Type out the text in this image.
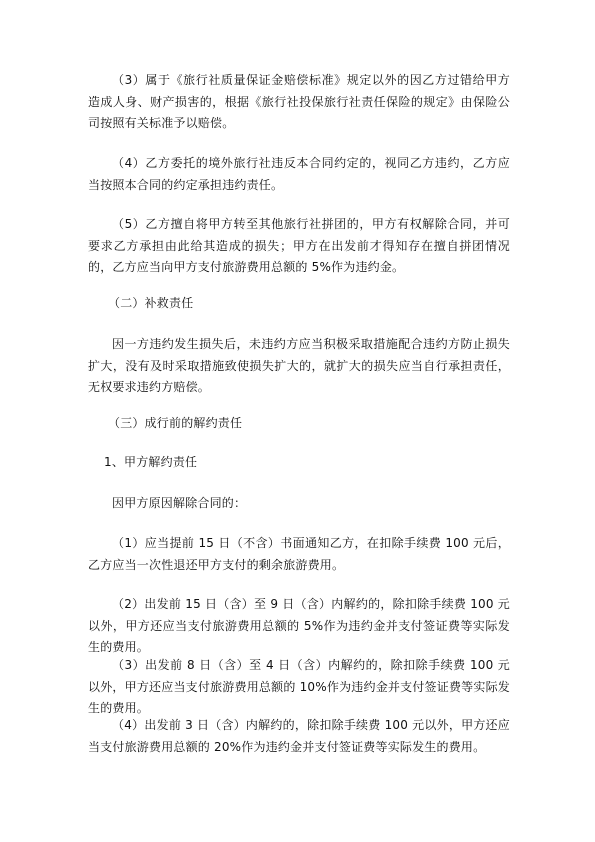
（3）属于《旅行社质量保证金赔偿标准》规定以外的因乙方过错给甲方造成人身、财产损害的，根据《旅行社投保旅行社责任保险的规定》由保险公司按照有关标准予以赔偿。

（4）乙方委托的境外旅行社违反本合同约定的，视同乙方违约，乙方应当按照本合同的约定承担违约责任。

（5）乙方擅自将甲方转至其他旅行社拼团的，甲方有权解除合同，并可要求乙方承担由此给其造成的损失；甲方在出发前才得知存在擅自拼团情况的，乙方应当向甲方支付旅游费用总额的 5%作为违约金。

（二）补救责任

因一方违约发生损失后，未违约方应当积极采取措施配合违约方防止损失扩大，没有及时采取措施致使损失扩大的，就扩大的损失应当自行承担责任，无权要求违约方赔偿。

（三）成行前的解约责任

1、甲方解约责任

因甲方原因解除合同的：

（1）应当提前 15 日（不含）书面通知乙方，在扣除手续费 100 元后，乙方应当一次性退还甲方支付的剩余旅游费用。

（2）出发前 15 日（含）至 9 日（含）内解约的，除扣除手续费 100 元以外，甲方还应当支付旅游费用总额的 5%作为违约金并支付签证费等实际发生的费用。

（3）出发前 8 日（含）至 4 日（含）内解约的，除扣除手续费 100 元以外，甲方还应当支付旅游费用总额的 10%作为违约金并支付签证费等实际发生的费用。

（4）出发前 3 日（含）内解约的，除扣除手续费 100 元以外，甲方还应当支付旅游费用总额的 20%作为违约金并支付签证费等实际发生的费用。
